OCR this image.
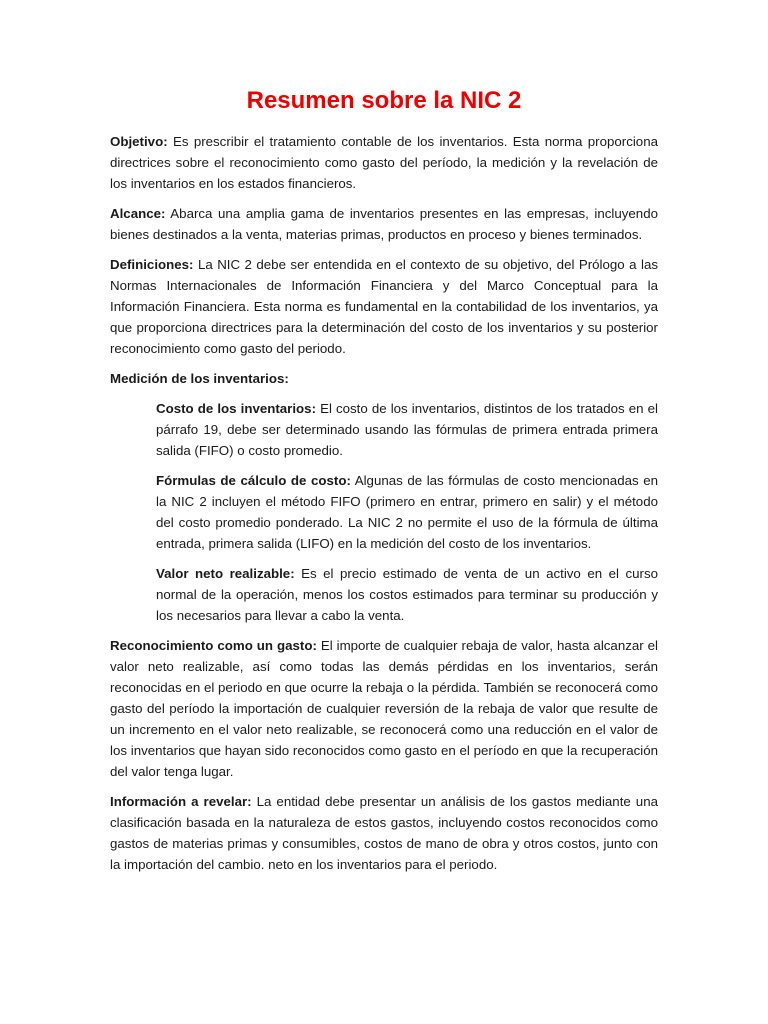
Resumen sobre la NIC 2

Objetivo: Es prescribir el tratamiento contable de los inventarios. Esta norma proporciona directrices sobre el reconocimiento como gasto del período, la medición y la revelación de los inventarios en los estados financieros.

Alcance: Abarca una amplia gama de inventarios presentes en las empresas, incluyendo bienes destinados a la venta, materias primas, productos en proceso y bienes terminados.

Definiciones: La NIC 2 debe ser entendida en el contexto de su objetivo, del Prólogo a las Normas Internacionales de Información Financiera y del Marco Conceptual para la Información Financiera. Esta norma es fundamental en la contabilidad de los inventarios, ya que proporciona directrices para la determinación del costo de los inventarios y su posterior reconocimiento como gasto del periodo.

Medición de los inventarios:

Costo de los inventarios: El costo de los inventarios, distintos de los tratados en el párrafo 19, debe ser determinado usando las fórmulas de primera entrada primera salida (FIFO) o costo promedio.

Fórmulas de cálculo de costo: Algunas de las fórmulas de costo mencionadas en la NIC 2 incluyen el método FIFO (primero en entrar, primero en salir) y el método del costo promedio ponderado. La NIC 2 no permite el uso de la fórmula de última entrada, primera salida (LIFO) en la medición del costo de los inventarios.

Valor neto realizable: Es el precio estimado de venta de un activo en el curso normal de la operación, menos los costos estimados para terminar su producción y los necesarios para llevar a cabo la venta.

Reconocimiento como un gasto: El importe de cualquier rebaja de valor, hasta alcanzar el valor neto realizable, así como todas las demás pérdidas en los inventarios, serán reconocidas en el periodo en que ocurre la rebaja o la pérdida. También se reconocerá como gasto del período la importación de cualquier reversión de la rebaja de valor que resulte de un incremento en el valor neto realizable, se reconocerá como una reducción en el valor de los inventarios que hayan sido reconocidos como gasto en el período en que la recuperación del valor tenga lugar.

Información a revelar: La entidad debe presentar un análisis de los gastos mediante una clasificación basada en la naturaleza de estos gastos, incluyendo costos reconocidos como gastos de materias primas y consumibles, costos de mano de obra y otros costos, junto con la importación del cambio. neto en los inventarios para el periodo.
